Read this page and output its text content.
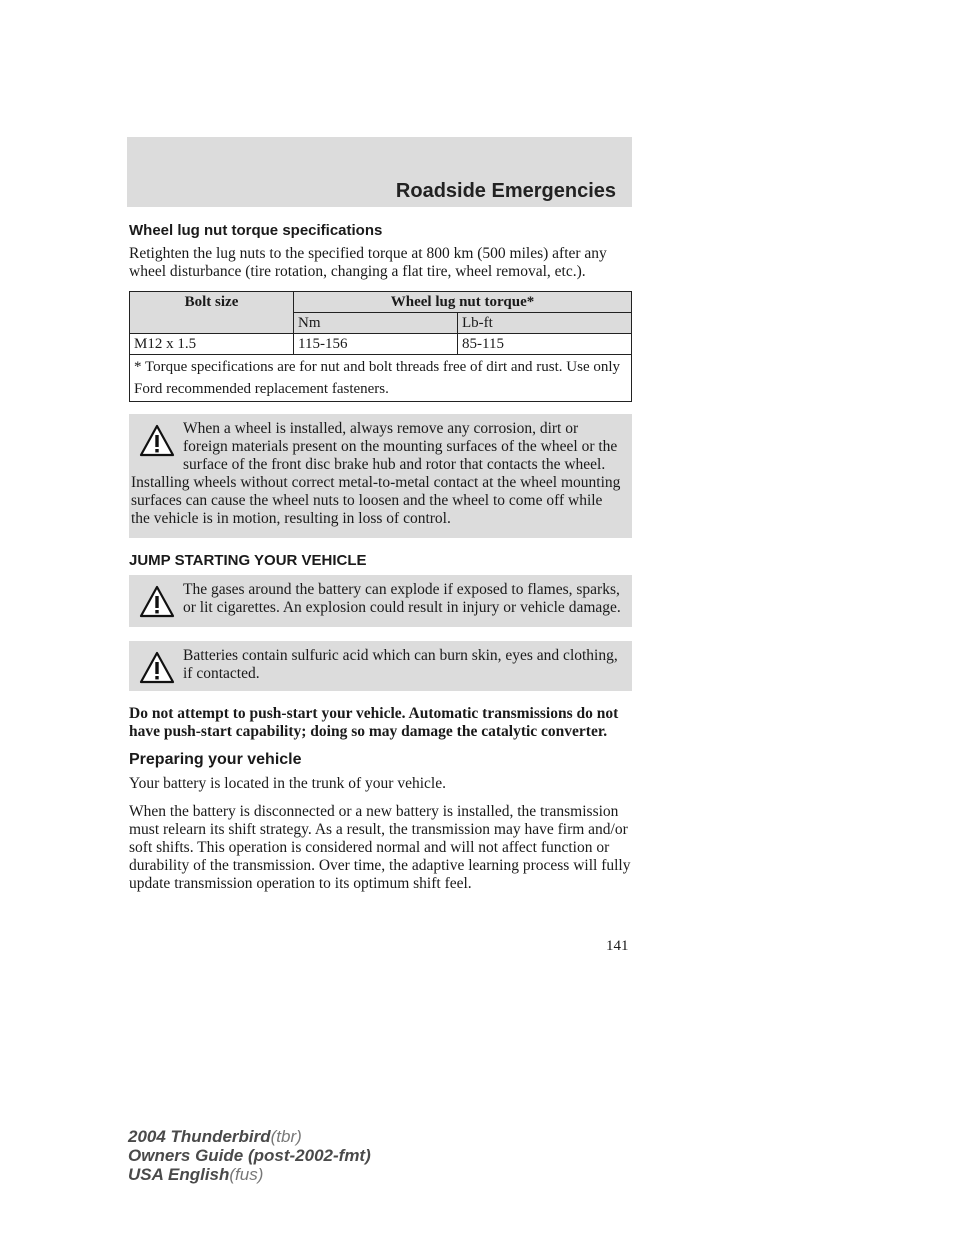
Roadside Emergencies
Wheel lug nut torque specifications

Retighten the lug nuts to the specified torque at 800 km (500 miles) after any wheel disturbance (tire rotation, changing a flat tire, wheel removal, etc.).

Bolt size	Wheel lug nut torque*	
	Nm	Lb-ft
M12 x 1.5	115-156	85-115
* Torque specifications are for nut and bolt threads free of dirt and rust. Use only Ford recommended replacement fasteners.		
When a wheel is installed, always remove any corrosion, dirt or foreign materials present on the mounting surfaces of the wheel or the surface of the front disc brake hub and rotor that contacts the wheel. Installing wheels without correct metal-to-metal contact at the wheel mounting surfaces can cause the wheel nuts to loosen and the wheel to come off while the vehicle is in motion, resulting in loss of control.
JUMP STARTING YOUR VEHICLE
The gases around the battery can explode if exposed to flames, sparks, or lit cigarettes. An explosion could result in injury or vehicle damage.
Batteries contain sulfuric acid which can burn skin, eyes and clothing, if contacted.

Do not attempt to push-start your vehicle. Automatic transmissions do not have push-start capability; doing so may damage the catalytic converter.

Preparing your vehicle

Your battery is located in the trunk of your vehicle.

When the battery is disconnected or a new battery is installed, the transmission must relearn its shift strategy. As a result, the transmission may have firm and/or soft shifts. This operation is considered normal and will not affect function or durability of the transmission. Over time, the adaptive learning process will fully update transmission operation to its optimum shift feel.

141
2004 Thunderbird(tbr)
Owners Guide (post-2002-fmt)
USA English(fus)
